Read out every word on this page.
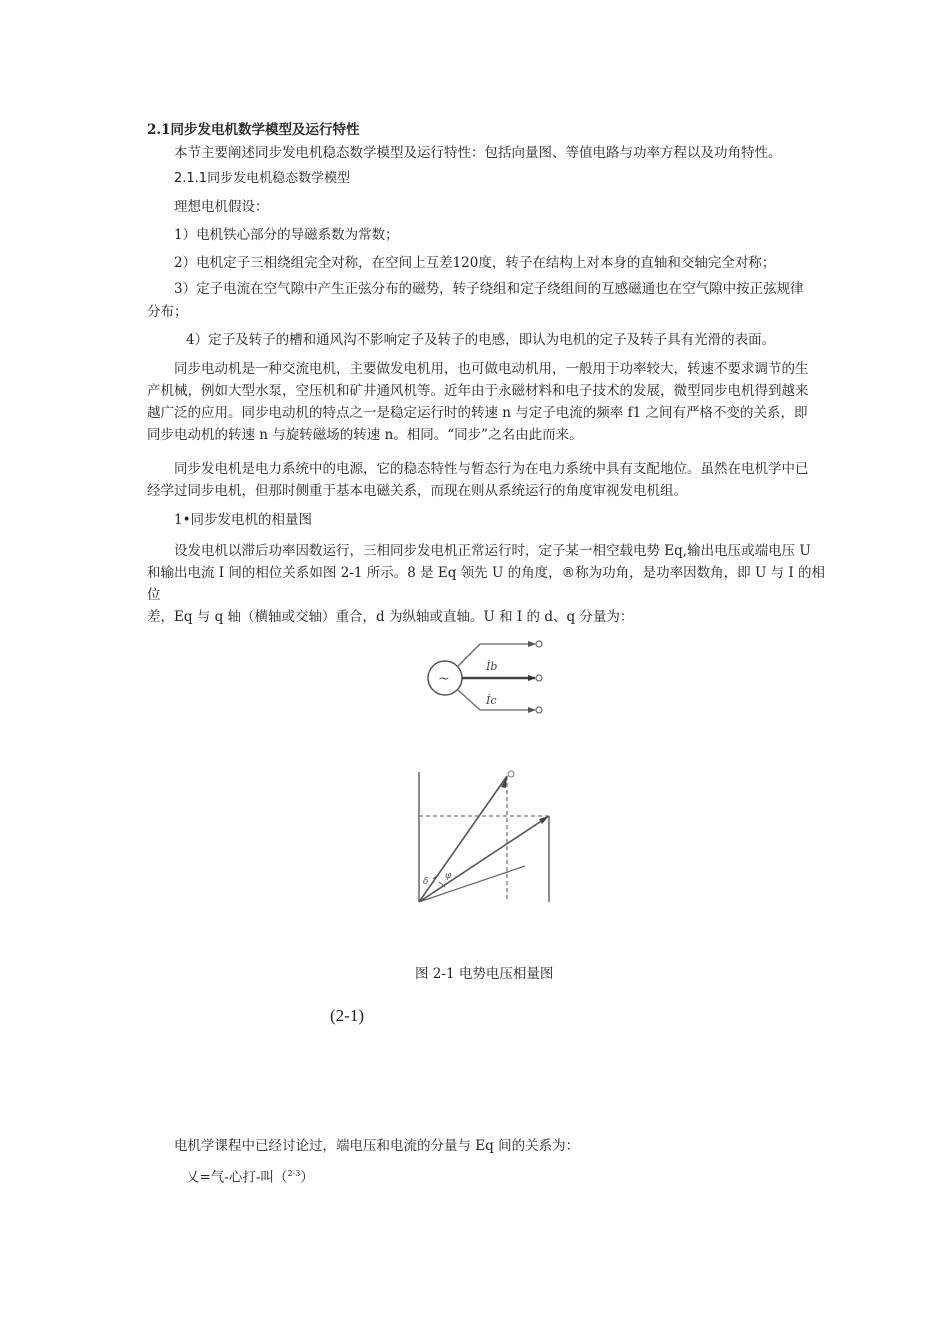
2.1同步发电机数学模型及运行特性
本节主要阐述同步发电机稳态数学模型及运行特性：包括向量图、等值电路与功率方程以及功角特性。
2.1.1同步发电机稳态数学模型
理想电机假设：
1）电机铁心部分的导磁系数为常数；
2）电机定子三相绕组完全对称，在空间上互差120度，转子在结构上对本身的直轴和交轴完全对称；
3）定子电流在空气隙中产生正弦分布的磁势，转子绕组和定子绕组间的互感磁通也在空气隙中按正弦规律
分布；
4）定子及转子的槽和通风沟不影响定子及转子的电感，即认为电机的定子及转子具有光滑的表面。
同步电动机是一种交流电机，主要做发电机用，也可做电动机用，一般用于功率较大，转速不要求调节的生
产机械，例如大型水泵，空压机和矿井通风机等。近年由于永磁材料和电子技术的发展，微型同步电机得到越来
越广泛的应用。同步电动机的特点之一是稳定运行时的转速 n 与定子电流的频率 f1 之间有严格不变的关系，即
同步电动机的转速 n 与旋转磁场的转速 n。相同。“同步”之名由此而来。
同步发电机是电力系统中的电源，它的稳态特性与暂态行为在电力系统中具有支配地位。虽然在电机学中已
经学过同步电机，但那时侧重于基本电磁关系，而现在则从系统运行的角度审视发电机组。
1•同步发电机的相量图
设发电机以滞后功率因数运行，三相同步发电机正常运行时，定子某一相空载电势 Eq,输出电压或端电压 U
和输出电流 I 间的相位关系如图 2-1 所示。8 是 Eq 领先 U 的角度，®称为功角，是功率因数角，即 U 与 I 的相位
差，Eq 与 q 轴（横轴或交轴）重合，d 为纵轴或直轴。U 和 I 的 d、q 分量为：
~
İb
İc
δ
φ
图 2-1 电势电压相量图
(2-1)
电机学课程中已经讨论过，端电压和电流的分量与 Eq 间的关系为：
乂=气-心打-叫（$^{2-3}$）
